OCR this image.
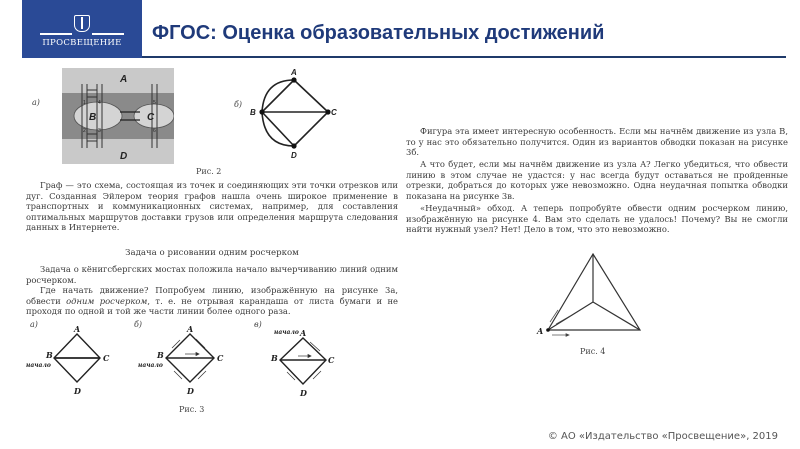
ПРОСВЕЩЕНИЕ	ФГОС: Оценка образовательных достижений
а)
A
B	C
D
1 4
2 3
5
6
б)
A
B	C
D
Рис. 2
Граф — это схема, состоящая из точек и соединяющих эти точки отрезков или дуг. Созданная Эйлером теория графов нашла очень широкое применение в транспортных и коммуникационных системах, например, для составления оптимальных маршрутов доставки грузов или определения маршрута следования данных в Интернете.
Задача о рисовании одним росчерком
Задача о кёнигсбергских мостах положила начало вычерчиванию линий одним росчерком.
Где начать движение? Попробуем линию, изображённую на рисунке 3а, обвести одним росчерком, т. е. не отрывая карандаша от листа бумаги и не проходя по одной и той же части линии более одного раза.
а)	б)	в)
A
B	C
D
начало
A
B	C
D
начало
A
B	C
D
начало
Рис. 3
Фигура эта имеет интересную особенность. Если мы начнём движение из узла B, то у нас это обязательно получится. Один из вариантов обводки показан на рисунке 3б.
А что будет, если мы начнём движение из узла A? Легко убедиться, что обвести линию в этом случае не удастся: у нас всегда будут оставаться не пройденные отрезки, добраться до которых уже невозможно. Одна неудачная попытка обводки показана на рисунке 3в.
«Неудачный» обход. А теперь попробуйте обвести одним росчерком линию, изображённую на рисунке 4. Вам это сделать не удалось! Почему? Вы не смогли найти нужный узел? Нет! Дело в том, что это невозможно.
A
Рис. 4
© АО «Издательство «Просвещение», 2019
